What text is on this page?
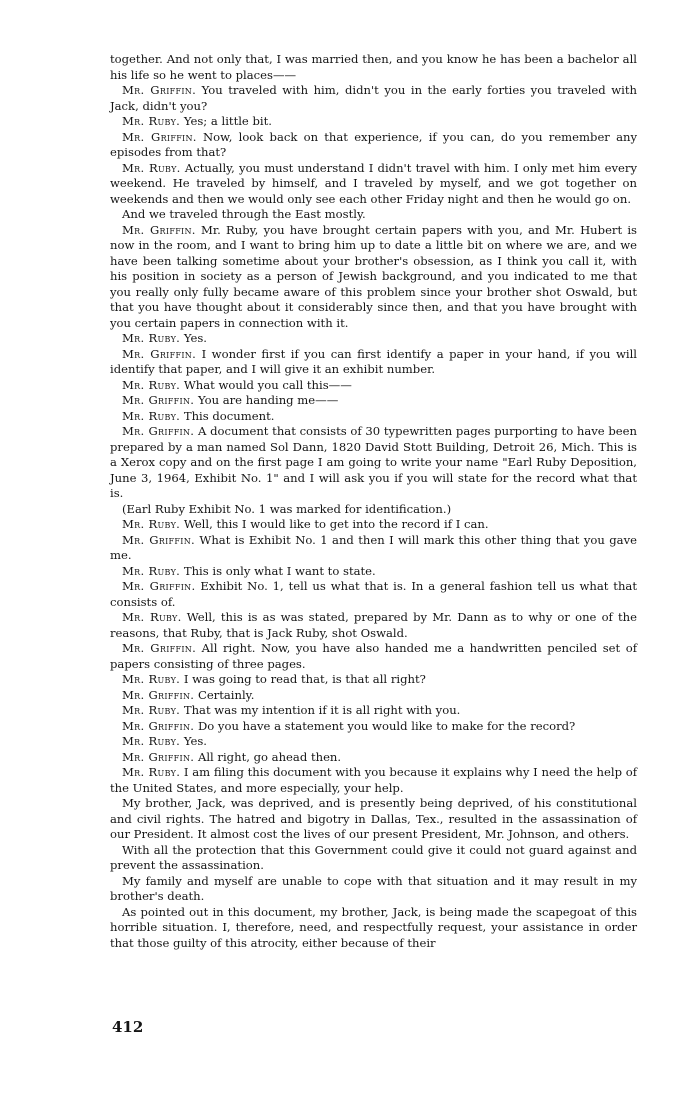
together. And not only that, I was married then, and you know he has been a bachelor all his life so he went to places——

Mr. Griffin. You traveled with him, didn't you in the early forties you traveled with Jack, didn't you?

Mr. Ruby. Yes; a little bit.

Mr. Griffin. Now, look back on that experience, if you can, do you remember any episodes from that?

Mr. Ruby. Actually, you must understand I didn't travel with him. I only met him every weekend. He traveled by himself, and I traveled by myself, and we got together on weekends and then we would only see each other Friday night and then he would go on.

And we traveled through the East mostly.

Mr. Griffin. Mr. Ruby, you have brought certain papers with you, and Mr. Hubert is now in the room, and I want to bring him up to date a little bit on where we are, and we have been talking sometime about your brother's obsession, as I think you call it, with his position in society as a person of Jewish background, and you indicated to me that you really only fully became aware of this problem since your brother shot Oswald, but that you have thought about it considerably since then, and that you have brought with you certain papers in connection with it.

Mr. Ruby. Yes.

Mr. Griffin. I wonder first if you can first identify a paper in your hand, if you will identify that paper, and I will give it an exhibit number.

Mr. Ruby. What would you call this——

Mr. Griffin. You are handing me——

Mr. Ruby. This document.

Mr. Griffin. A document that consists of 30 typewritten pages purporting to have been prepared by a man named Sol Dann, 1820 David Stott Building, Detroit 26, Mich. This is a Xerox copy and on the first page I am going to write your name "Earl Ruby Deposition, June 3, 1964, Exhibit No. 1" and I will ask you if you will state for the record what that is.

(Earl Ruby Exhibit No. 1 was marked for identification.)

Mr. Ruby. Well, this I would like to get into the record if I can.

Mr. Griffin. What is Exhibit No. 1 and then I will mark this other thing that you gave me.

Mr. Ruby. This is only what I want to state.

Mr. Griffin. Exhibit No. 1, tell us what that is. In a general fashion tell us what that consists of.

Mr. Ruby. Well, this is as was stated, prepared by Mr. Dann as to why or one of the reasons, that Ruby, that is Jack Ruby, shot Oswald.

Mr. Griffin. All right. Now, you have also handed me a handwritten penciled set of papers consisting of three pages.

Mr. Ruby. I was going to read that, is that all right?

Mr. Griffin. Certainly.

Mr. Ruby. That was my intention if it is all right with you.

Mr. Griffin. Do you have a statement you would like to make for the record?

Mr. Ruby. Yes.

Mr. Griffin. All right, go ahead then.

Mr. Ruby. I am filing this document with you because it explains why I need the help of the United States, and more especially, your help.

My brother, Jack, was deprived, and is presently being deprived, of his constitutional and civil rights. The hatred and bigotry in Dallas, Tex., resulted in the assassination of our President. It almost cost the lives of our present President, Mr. Johnson, and others.

With all the protection that this Government could give it could not guard against and prevent the assassination.

My family and myself are unable to cope with that situation and it may result in my brother's death.

As pointed out in this document, my brother, Jack, is being made the scapegoat of this horrible situation. I, therefore, need, and respectfully request, your assistance in order that those guilty of this atrocity, either because of their

412
